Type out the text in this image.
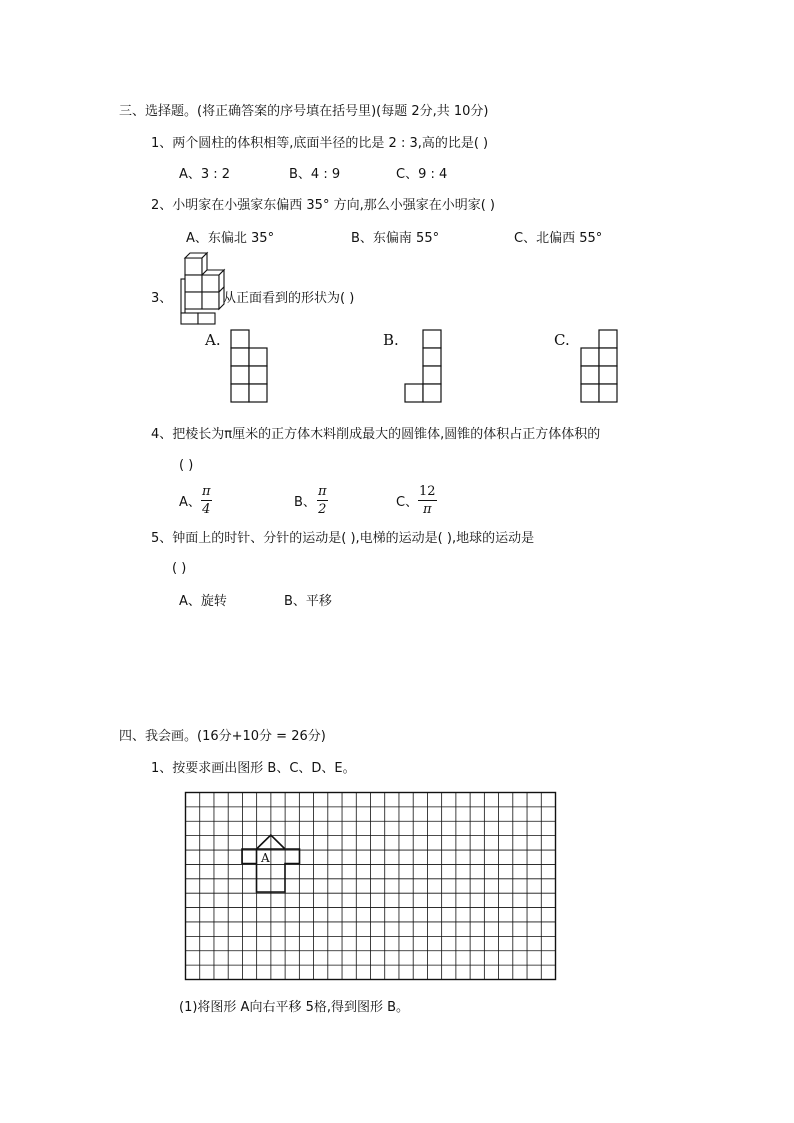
三、选择题。(将正确答案的序号填在括号里)(每题 2分,共 10分)
1、两个圆柱的体积相等,底面半径的比是 2 : 3,高的比是( )
A、3 : 2	B、4 : 9	C、9 : 4
2、小明家在小强家东偏西 35° 方向,那么小强家在小明家( )
A、东偏北 35°	B、东偏南 55°	C、北偏西 55°
3、	从正面看到的形状为( )
A.	B.	C.
4、把棱长为π厘米的正方体木料削成最大的圆锥体,圆锥的体积占正方体体积的
( )
A、
π
4	B、
π
2	C、
12
π
5、钟面上的时针、分针的运动是( ),电梯的运动是( ),地球的运动是
( )
A、旋转	B、平移
四、我会画。(16分+10分 = 26分)
1、按要求画出图形 B、C、D、E。
A
(1)将图形 A向右平移 5格,得到图形 B。
